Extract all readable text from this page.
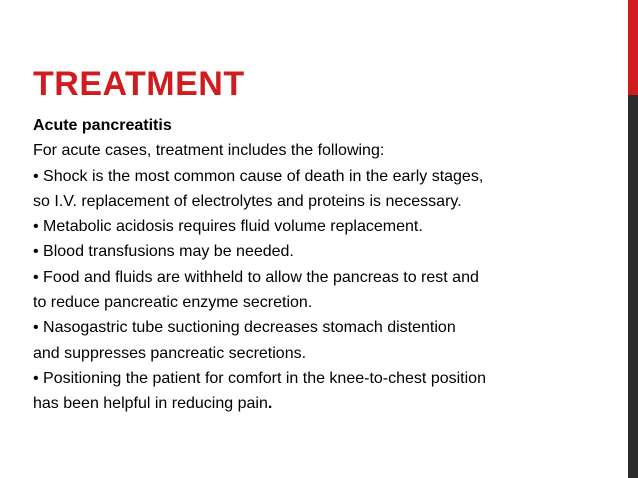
TREATMENT

Acute pancreatitis

For acute cases, treatment includes the following:

• Shock is the most common cause of death in the early stages,

so I.V. replacement of electrolytes and proteins is necessary.

• Metabolic acidosis requires fluid volume replacement.

• Blood transfusions may be needed.

• Food and fluids are withheld to allow the pancreas to rest and

to reduce pancreatic enzyme secretion.

• Nasogastric tube suctioning decreases stomach distention

and suppresses pancreatic secretions.

• Positioning the patient for comfort in the knee-to-chest position

has been helpful in reducing pain.
